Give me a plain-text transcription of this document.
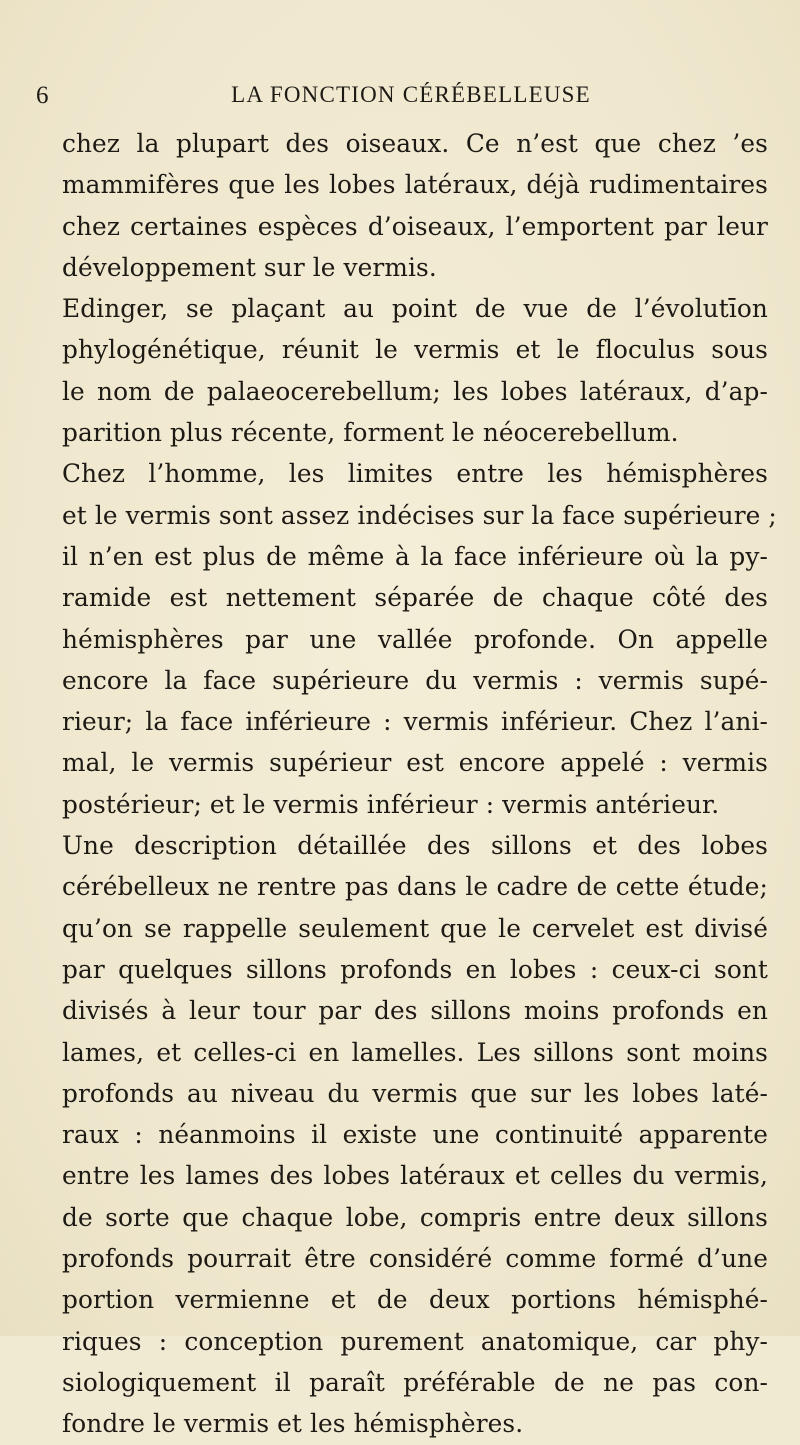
6	LA FONCTION CÉRÉBELLEUSE
chez la plupart des oiseaux. Ce n’est que chez ’es
mammifères que les lobes latéraux, déjà rudimentaires
chez certaines espèces d’oiseaux, l’emportent par leur
développement sur le vermis.
Edinger, se plaçant au point de vue de l’évolutīon
phylogénétique, réunit le vermis et le floculus sous
le nom de palaeocerebellum; les lobes latéraux, d’ap-
parition plus récente, forment le néocerebellum.
Chez l’homme, les limites entre les hémisphères
et le vermis sont assez indécises sur la face supérieure ;
il n’en est plus de même à la face inférieure où la py-
ramide est nettement séparée de chaque côté des
hémisphères par une vallée profonde. On appelle
encore la face supérieure du vermis : vermis supé-
rieur; la face inférieure : vermis inférieur. Chez l’ani-
mal, le vermis supérieur est encore appelé : vermis
postérieur; et le vermis inférieur : vermis antérieur.
Une description détaillée des sillons et des lobes
cérébelleux ne rentre pas dans le cadre de cette étude;
qu’on se rappelle seulement que le cervelet est divisé
par quelques sillons profonds en lobes : ceux-ci sont
divisés à leur tour par des sillons moins profonds en
lames, et celles-ci en lamelles. Les sillons sont moins
profonds au niveau du vermis que sur les lobes laté-
raux : néanmoins il existe une continuité apparente
entre les lames des lobes latéraux et celles du vermis,
de sorte que chaque lobe, compris entre deux sillons
profonds pourrait être considéré comme formé d’une
portion vermienne et de deux portions hémisphé-
riques : conception purement anatomique, car phy-
siologiquement il paraît préférable de ne pas con-
fondre le vermis et les hémisphères.
